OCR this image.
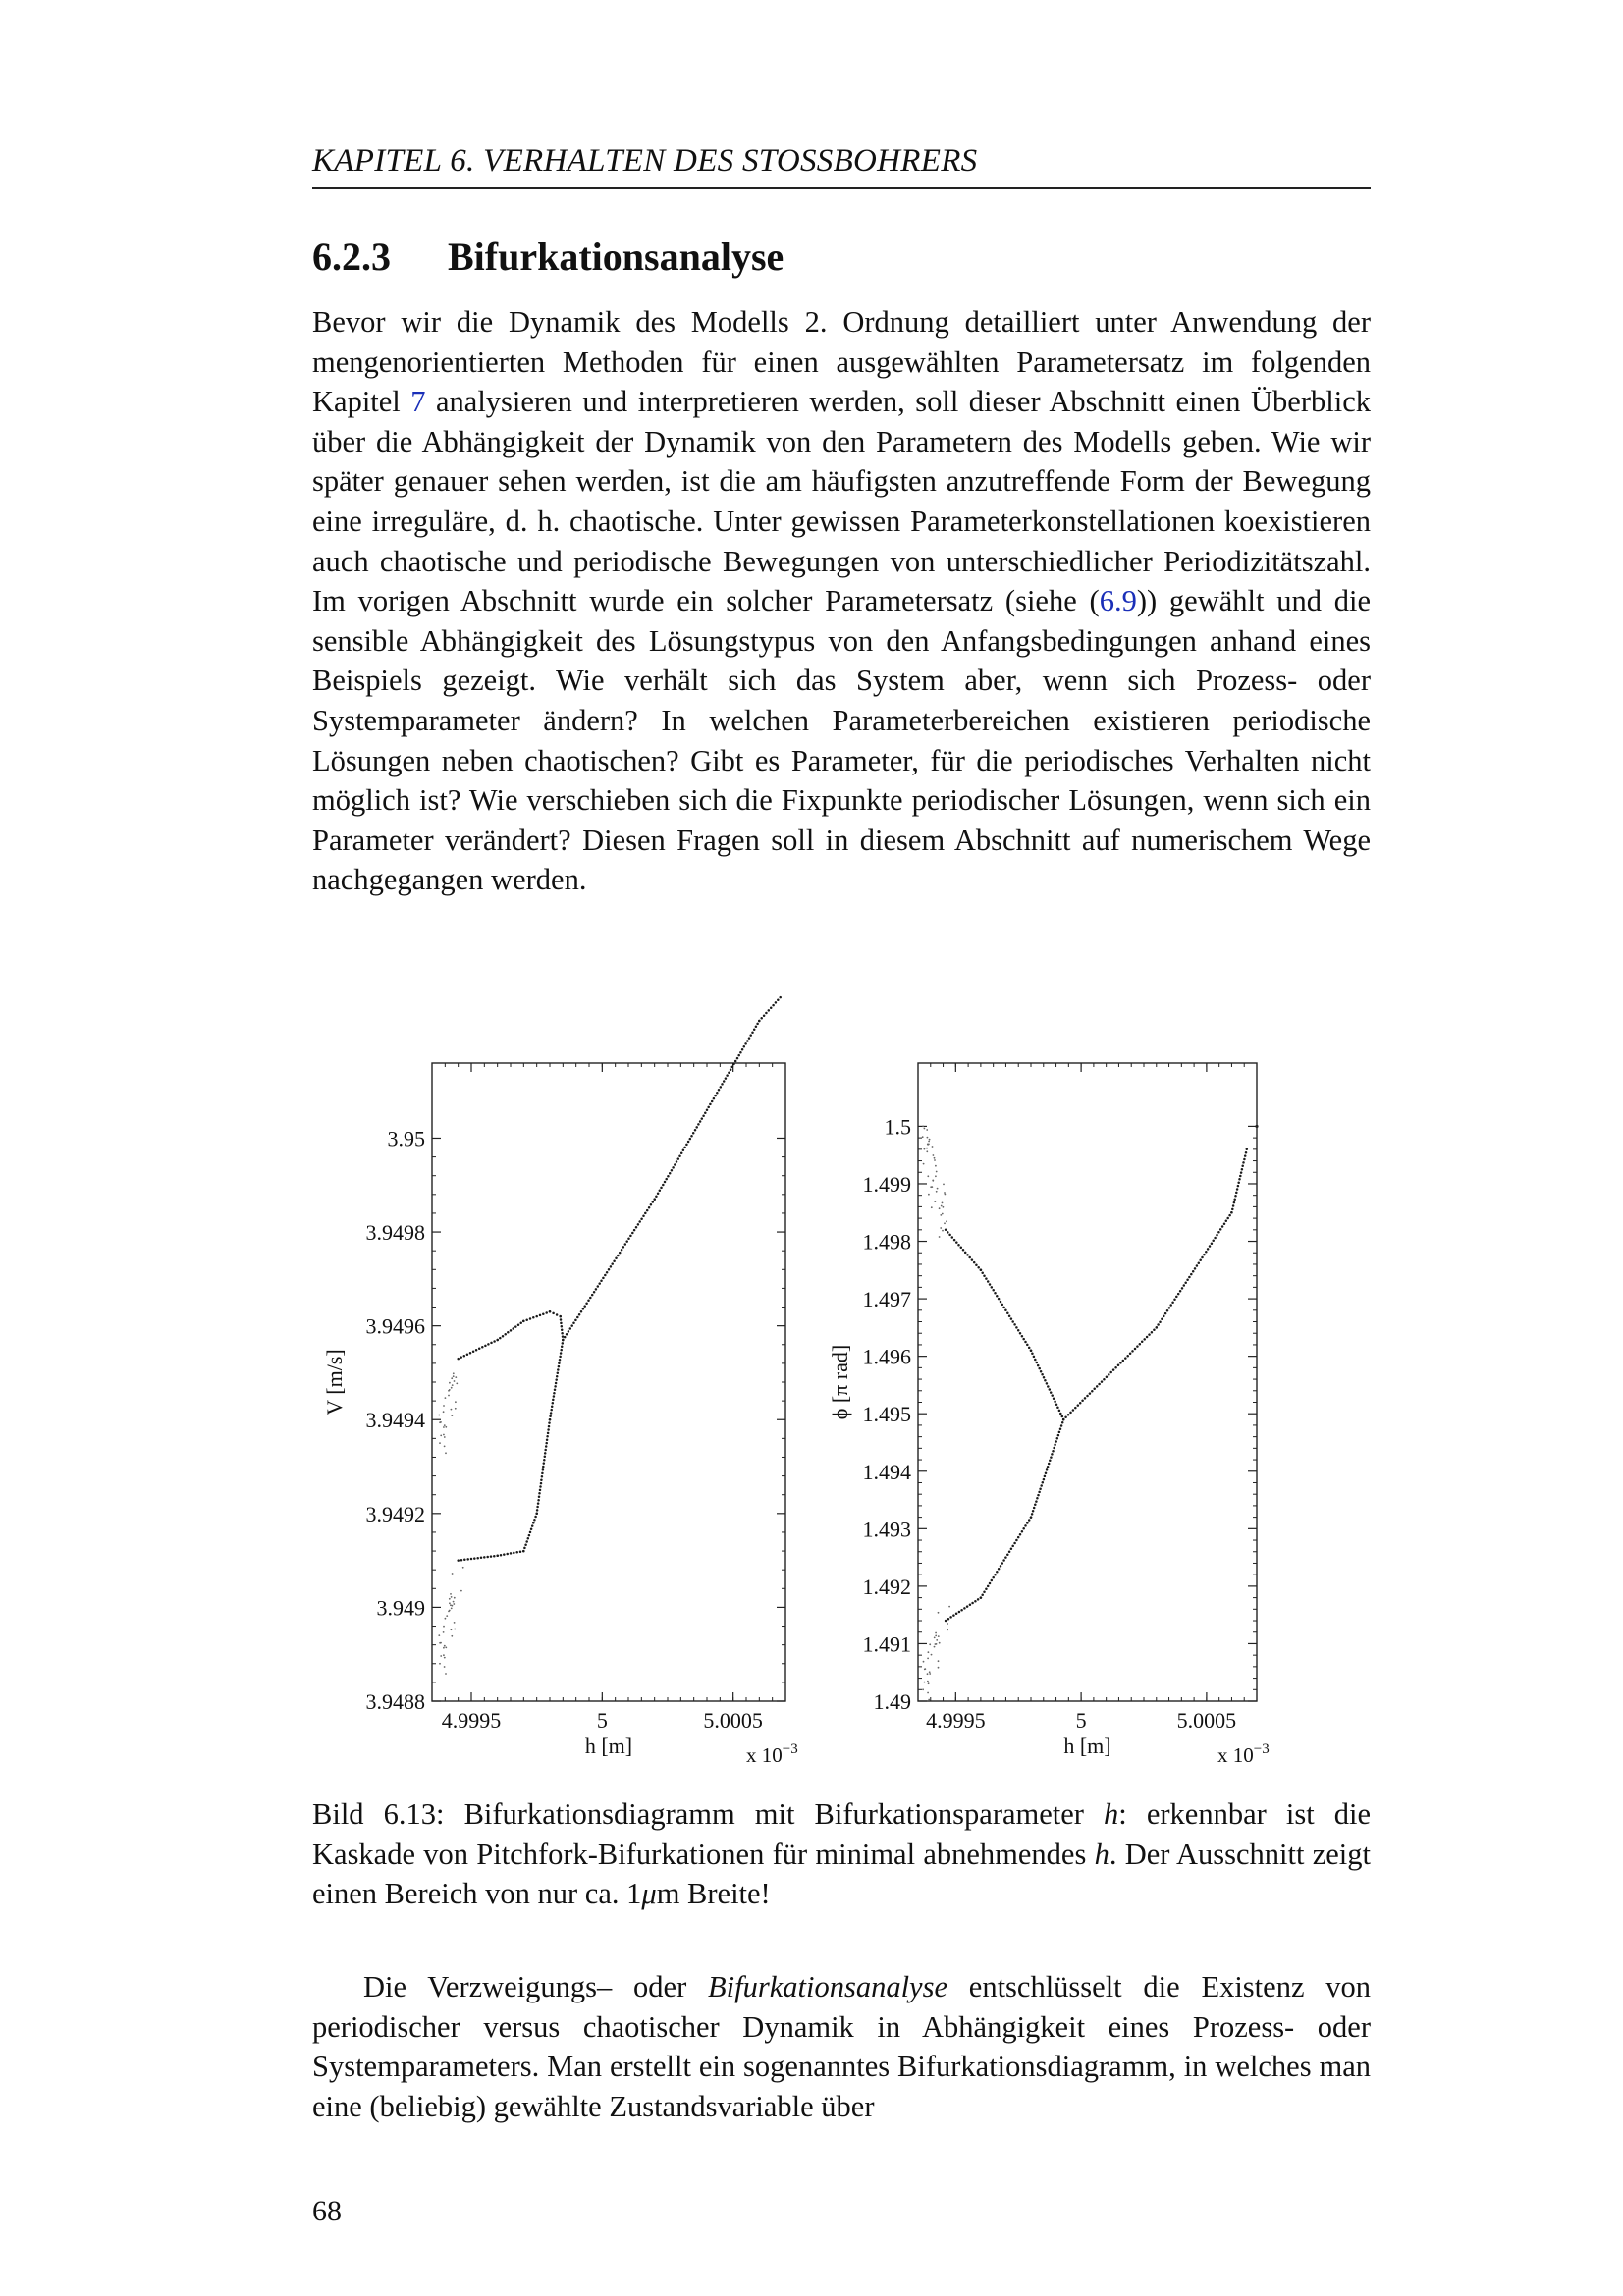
KAPITEL 6. VERHALTEN DES STOSSBOHRERS
6.2.3 Bifurkationsanalyse
Bevor wir die Dynamik des Modells 2. Ordnung detailliert unter Anwendung der mengenorientierten Methoden für einen ausgewählten Parametersatz im folgenden Kapitel 7 analysieren und interpretieren werden, soll dieser Abschnitt einen Überblick über die Abhängigkeit der Dynamik von den Parametern des Modells geben. Wie wir später genauer sehen werden, ist die am häufigsten anzutreffende Form der Bewegung eine irreguläre, d. h. chaotische. Unter gewissen Parameterkonstellationen koexistieren auch chaotische und periodische Bewegungen von unterschiedlicher Periodizitätszahl. Im vorigen Abschnitt wurde ein solcher Parametersatz (siehe (6.9)) gewählt und die sensible Abhängigkeit des Lösungstypus von den Anfangsbedingungen anhand eines Beispiels gezeigt. Wie verhält sich das System aber, wenn sich Prozess- oder Systemparameter ändern? In welchen Parameterbereichen existieren periodische Lösungen neben chaotischen? Gibt es Parameter, für die periodisches Verhalten nicht möglich ist? Wie verschieben sich die Fixpunkte periodischer Lösungen, wenn sich ein Parameter verändert? Diesen Fragen soll in diesem Abschnitt auf numerischem Wege nachgegangen werden.
3.9488
3.949
3.9492
3.9494
3.9496
3.9498
3.95
4.9995	5	5.0005
h [m]	x $10^{-3}$
V [m/s]
1.49
1.491
1.492
1.493
1.494
1.495
1.496
1.497
1.498
1.499
1.5
4.9995	5	5.0005
h [m]	x $10^{-3}$
ϕ [π rad]
Bild 6.13: Bifurkationsdiagramm mit Bifurkationsparameter h: erkennbar ist die Kaskade von Pitchfork-Bifurkationen für minimal abnehmendes h. Der Ausschnitt zeigt einen Bereich von nur ca. 1μm Breite!
Die Verzweigungs– oder Bifurkationsanalyse entschlüsselt die Existenz von periodischer versus chaotischer Dynamik in Abhängigkeit eines Prozess- oder Systemparameters. Man erstellt ein sogenanntes Bifurkationsdiagramm, in welches man eine (beliebig) gewählte Zustandsvariable über
68
